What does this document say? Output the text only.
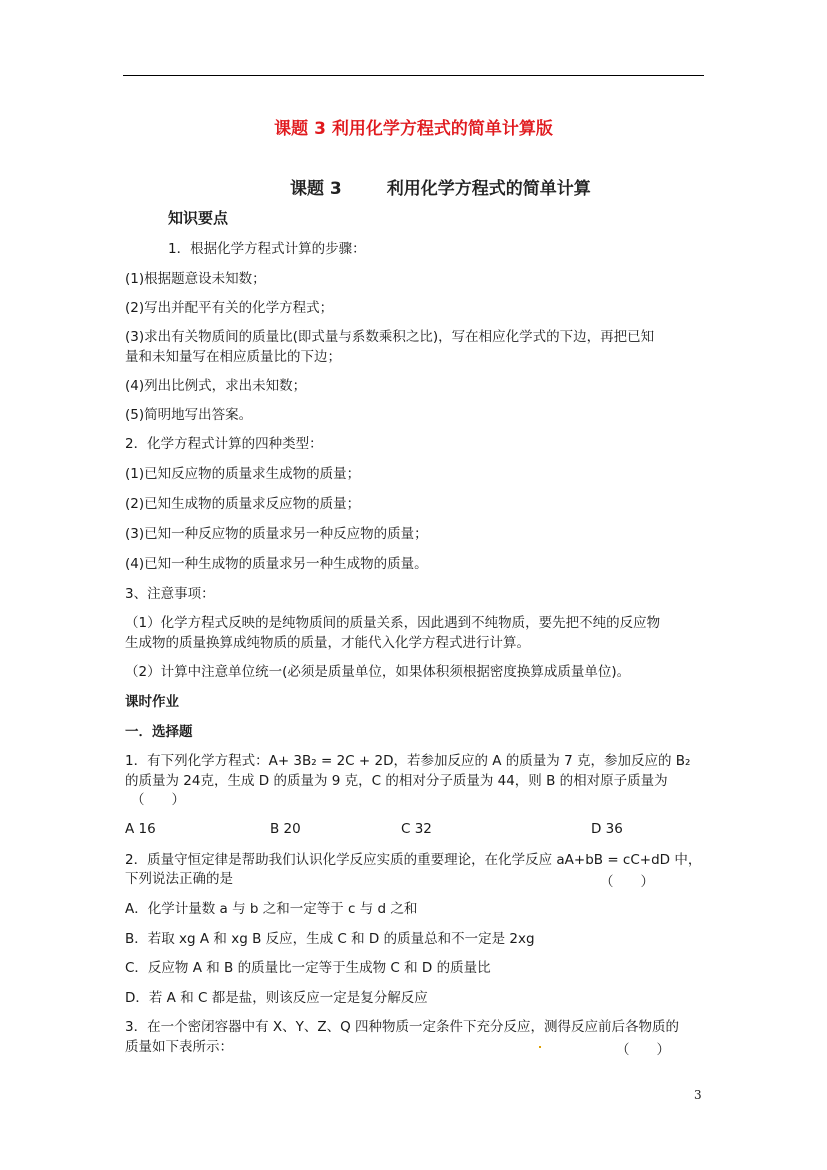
课题 3 利用化学方程式的简单计算版
课题 3	利用化学方程式的简单计算
知识要点
1．根据化学方程式计算的步骤：
(1)根据题意设未知数；
(2)写出并配平有关的化学方程式；
(3)求出有关物质间的质量比(即式量与系数乘积之比)，写在相应化学式的下边，再把已知
量和未知量写在相应质量比的下边；
(4)列出比例式，求出未知数；
(5)简明地写出答案。
2．化学方程式计算的四种类型：
(1)已知反应物的质量求生成物的质量；
(2)已知生成物的质量求反应物的质量；
(3)已知一种反应物的质量求另一种反应物的质量；
(4)已知一种生成物的质量求另一种生成物的质量。
3、注意事项：
（1）化学方程式反映的是纯物质间的质量关系，因此遇到不纯物质，要先把不纯的反应物
生成物的质量换算成纯物质的质量，才能代入化学方程式进行计算。
（2）计算中注意单位统一(必须是质量单位，如果体积须根据密度换算成质量单位)。
课时作业
一．选择题
1．有下列化学方程式：A+ 3B₂ = 2C + 2D，若参加反应的 A 的质量为 7 克，参加反应的 B₂
的质量为 24克，生成 D 的质量为 9 克，C 的相对分子质量为 44，则 B 的相对原子质量为
（　　）
A 16	B 20	C 32	D 36
2．质量守恒定律是帮助我们认识化学反应实质的重要理论，在化学反应 aA+bB = cC+dD 中，
下列说法正确的是	（　　）
A．化学计量数 a 与 b 之和一定等于 c 与 d 之和
B．若取 xg A 和 xg B 反应，生成 C 和 D 的质量总和不一定是 2xg
C．反应物 A 和 B 的质量比一定等于生成物 C 和 D 的质量比
D．若 A 和 C 都是盐，则该反应一定是复分解反应
3．在一个密闭容器中有 X、Y、Z、Q 四种物质一定条件下充分反应，测得反应前后各物质的
质量如下表所示：	（　　）
3
